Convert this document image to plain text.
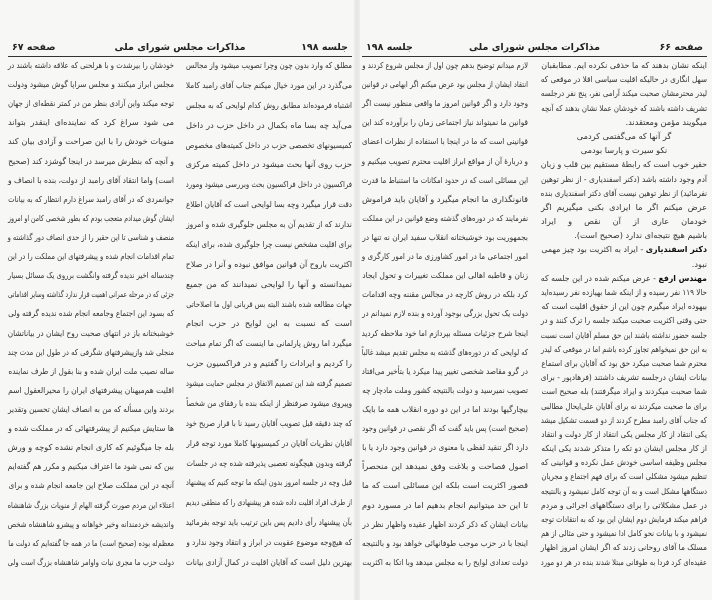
جلسه ۱۹۸
مذاکرات مجلس شورای ملی
صفحه ۶۷
مطلق که وارد بدون چون وچرا تصویب میشود واز مجالس
می‌گذرد در این مورد خیال میکنم جناب آقای رامبد کاملا
اشتباه فرموده‌اند مطابق روش کدام لوایحی که به مجلس
می‌آید چه بسا ماه بکمال در داخل حزب در داخل
کمیسیونهای تخصصی حزب در داخل کمیته‌های مخصوص
حزب روی آنها بحث میشود در داخل کمیته مرکزی
فراکسیون در داخل فراکسیون بحث وبررسی میشود ومورد
دقت قرار میگیرد وچه بسا لوایحی است که آقایان اطلاع
ندارند که از تقدیم آن به مجلس جلوگیری شده و امروز
برای اقلیت مشخص نیست چرا جلوگیری شده، برای اینکه
اکثریت باروح آن قوانین موافق نبوده و آنرا در صلاح
نمیدانسته و آنها را لوایحی نمیدانند که من جمیع
جهات مطالعه شده باشند البته بس قربانی اول ما اصلاحاتی
است که نسبت به این لوایح در حزب انجام
میگیرد اما روش پارلمانی ما اینست که اگر تمام مباحث
را کردیم و ایرادات را گفتیم و در فراکسیون حزب
تصمیم گرفته شد این تصمیم الاتفاق در مجلس حمایت میشود
وپیروی میشود صرفنظر از اینکه بنده با رفقای من شخصاً
که چند دقیقه قبل تصویب آقایان رسید نا با قرار صریح خود
آقایان نظریات آقایان در کمیسیونها کاملا مورد توجه قرار
گرفته وبدون هیچگونه تعصبی پذیرفته شده چه در جلسات
قبل وچه در جلسه امروز بدون اینکه ما توجه کنیم که پیشنهاد
از طرف افراد اقلیت داده شده هر پیشنهادی را که منطقی دیدیم
بآن پیشنهاد رأی دادیم پس باین ترتیب باید توجه بفرمائید
که هیچ‌وجه موضوع عقوبت در ابراز و انتقاد وجود ندارد و
بهترین دلیل است که آقایان اقلیت در کمال آزادی بیانات
خودشان را بیرشدت و با هرلحنی که علاقه داشته باشند در
مجلس ابراز میکنند و مجلس سراپا گوش میشود ودولت
توجه میکند واین آزادی بنظر من در کمتر نقطه‌ای از جهان
می شود سراغ کرد که نماینده‌ای اینقدر بتواند
منویات خودش را با این صراحت و آزادی بیان کند
و آنچه که بنظرش میرسد در اینجا گوشزد کند (صحیح
است) واما انتقاد آقای رامبد از دولت، بنده با انصاف و
جوانمردی که در آقای رامبد سراغ دارم انتظار که به بیانات
ایشان گوش میدادم متعجب بودم که بطور شخصی کامن او امروز
منصف و شناسی تا این حقیر را از حدی انصاف دور گذاشته و
تمام اقدامات انجام شده و پیشرفتهای این مملکت را در این
چندساله اخیر ندیده گرفته وانگشت برروی یک مسائل بسیار
جزئی که در مرحله عمرانی اهمیت قرار ندارد گذاشته وسایر اقداماتی
که بسود این اجتماع وجامعه انجام شده ندیده گرفته ولی
خوشبختانه باز در انتهای صحبت روح ایشان در بیاناتشان
منجلی شد وازپیشرفتهای شگرفی که در طول این مدت چند
ساله نصیب ملت ایران شده و بنا بقول از طرف نماینده
اقلیت هم‌میهنان پیشرفتهای ایران را محیرالعقول اسم
بردند واین مسأله که من به انصاف ایشان تحسین وتقدیر
ها ستایش میکنیم از پیشرفتهائی که در مملکت شده و
بله جا میگوئیم که کاری انجام نشده کوچه و ورش
بین که نمی شود ما اعتراف میکنیم و مکرر هم گفته‌ایم
آنچه در این مملکت صلاح این جامعه انجام شده و برای
اعتلاء این مردم صورت گرفته الهام از منویات بزرگ شاهنشاه
واندیشه خردمندانه وخیر خواهانه و پیشرو شاهنشاه شخص
معظم‌له بوده (صحیح است) ما در همه جا گفته‌ایم که دولت ما
دولت حزب ما مجری نیات واوامر شاهنشاه بزرگ است ولی
صفحه ۶۶
مذاکرات مجلس شورای ملی
جلسه ۱۹۸
اینکه نشان بدهند که ما حذفی نکرده ایم. مطابقبان
سهل انگاری در حالیکه اقلیت سیاسی اقلا در موقعی که
لیدر محترمشان صحبت میکند آرامی نفر، پنج نفر درجلسه
تشریف داشته باشند که خودشان عملا نشان بدهند که آنچه
میگویند مؤمن ومعتقدند.
گر آنها که می‌گفتمی کردمی
نکو سیرت و پارسا بودمی
حقیر خوب است که رابطهٔ مستقیم بین قلب و زبان
آدم وجود داشته باشد (دکتر اسفندیاری - از نظر توهین
نفرمائید) از نظر توهین نیست آقای دکتر اسفندیاری بنده
عرض میکنم اگر ما ایرادی بکنی میگیریم اگر
خودمان عاری از آن نقص و ایراد
باشیم هیچ نتیجه‌ای ندارد (صحیح است).
دکتر اسفندیاری - ایراد به اکثریت بود چیز مهمی
نبود.
مهندس ارفع - عرض میکنم شده در این جلسه که
حالا ۱۱۹ نفر رسیده و از اینکه شما بهیازده نفر رسیده‌اید
بیهوده ایراد میگیرم چون این از حقوق اقلیت است که
حتی وقتی اکثریت صحبت میکند جلسه را ترک کنند و در
جلسه حضور نداشته باشند این حق مسلم آقایان است نسبت
به این حق نمیخواهم تجاوز کرده باشم اما در موقعی که لیدر
محترم شما صحبت میکرد حق بود که آقایان برای استماع
بیانات ایشان درجلسه تشریف داشتند (فرهادپور - برای
شما صحبت میکردند و ایراد میگرفتند) بله صحیح است
برای ما صحبت میکردند نه برای آقایان علی‌ایحال مطالبی
که جناب آقای رامبد مطرح کردند از دو قسمت تشکیل میشد
یکی انتقاد از کار مجلس یکی انتقاد از کار دولت و انتقاد
از کار مجلس ایشان دو تکه را متذکر شدند یکی اینکه
مجلس وظیفه اساسی خودش عمل نکرده و قوانینی که
تنظیم میشود مشکلی است که برای فهم اجتماع و مجریان
دستگاهها مشکل است و به آن توجه کامل نمیشود و بالنتیجه
در عمل مشکلاتی را برای دستگاههای اجرائی و مردم
فراهم میکند فرمایش دوم ایشان این بود که به انتقادات توجه
نمیشود و با بیانات نحو کامل ادا نمیشود و حتی مثالی از هم
مسلک ما آقای روحانی زدند که اگر ایشان امروز اظهار
عقیده‌ای کرد فردا به طوفانی مبتلا شدند بنده در هر دو مورد
لازم میدانم توضیح بدهم چون اول از مجلس شروع کردند و
انتقاد ایشان از مجلس بود عرض میکنم اگر ابهامی در قوانین
وجود دارد و اگر قوانین امروز ما واقعی منظور نیست اگر
قوانین ما نمیتواند نیاز اجتماعی زمان را برآورده کند این
قوانینی است که ما در اینجا با استفاده از نظرات اعضای
و دربارهٔ آن از مواقع ابراز اقلیت محترم تصویب میکنیم و
این مسائلی است که در حدود امکانات ما استنباط ما قدرت
قانونگذاری ما انجام میگیرد و آقایان باید فراموش
نفرمایند که در دوره‌های گذشته وضع قوانین در این مملکت
بجمهوریت بود خوشبختانه انقلاب سفید ایران نه تنها در
امور اجتماعی ما در امور کشاورزی ما در امور کارگری و
زنان و قاطبه اهالی این مملکت تغییرات و تحول ایجاد
کرد بلکه در روش کارچه در مجالس مقننه وچه اقدامات
دولت یک تحول بزرگی بوجود آورده و بنده لازم نمیدانم در
اینجا شرح جزئیات مسئله بپردازم اما خود ملاحظه کردید
که لوایحی که در دوره‌های گذشته به مجلس تقدیم میشد غالباً
در گرو مقاصد شخصی تغییر پیدا میکرد یا بتأخیر می‌افتاد
تصویب نمیرسید و دولت بالنتیجه کشور وملت مادچار چه
بیچارگیها بودند اما در این دو دوره انقلاب همه ما بایک
(صحیح است) پس باید گفت که اگر نقصی در قوانین وجود
دارد اگر تنقید لفظی یا معنوی در قوانین وجود دارد یا با
اصول فصاحت و بلاغت وفق نمیدهد این منحصراً
قصور اکثریت است بلکه این مسائلی است که ما
تا این حد میتوانیم انجام بدهیم اما در مسورد دوم
بیانات ایشان که ذکر کردند اظهار عقیده واظهار نظر در
اینجا با در حزب موجب طوفانهائی خواهد بود و بالنتیجه
دولت تعدادی لوایح را به مجلس میدهد وبا اتکا به اکثریت
